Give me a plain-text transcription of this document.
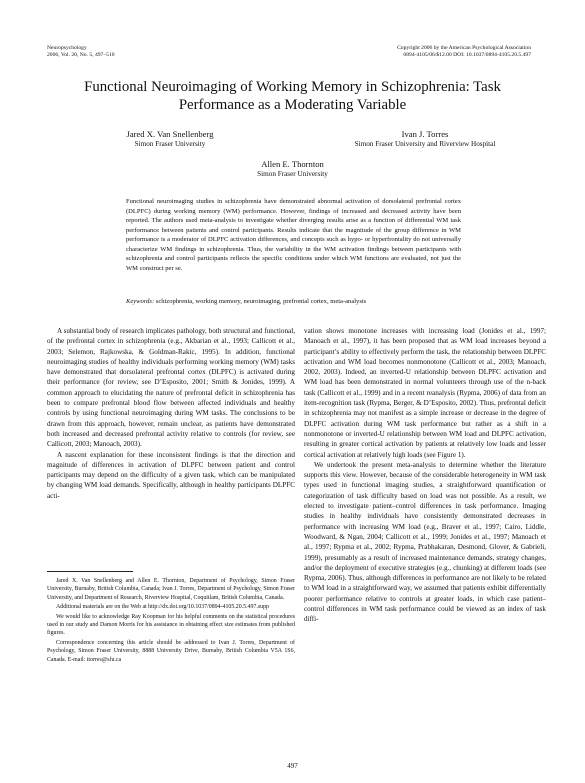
Neuropsychology
2006, Vol. 20, No. 5, 497–510
Copyright 2006 by the American Psychological Association
0894-4105/06/$12.00 DOI: 10.1037/0894-4105.20.5.497
Functional Neuroimaging of Working Memory in Schizophrenia: Task Performance as a Moderating Variable
Jared X. Van Snellenberg
Simon Fraser University
Ivan J. Torres
Simon Fraser University and Riverview Hospital
Allen E. Thornton
Simon Fraser University
Functional neuroimaging studies in schizophrenia have demonstrated abnormal activation of dorsolateral prefrontal cortex (DLPFC) during working memory (WM) performance. However, findings of increased and decreased activity have been reported. The authors used meta-analysis to investigate whether diverging results arise as a function of differential WM task performance between patients and control participants. Results indicate that the magnitude of the group difference in WM performance is a moderator of DLPFC activation differences, and concepts such as hypo- or hyperfrontality do not universally characterize WM findings in schizophrenia. Thus, the variability in the WM activation findings between participants with schizophrenia and control participants reflects the specific conditions under which WM functions are evaluated, not just the WM construct per se.
Keywords: schizophrenia, working memory, neuroimaging, prefrontal cortex, meta-analysis

A substantial body of research implicates pathology, both structural and functional, of the prefrontal cortex in schizophrenia (e.g., Akbarian et al., 1993; Callicott et al., 2003; Selemon, Rajkowska, & Goldman-Rakic, 1995). In addition, functional neuroimaging studies of healthy individuals performing working memory (WM) tasks have demonstrated that dorsolateral prefrontal cortex (DLPFC) is activated during their performance (for review, see D’Esposito, 2001; Smith & Jonides, 1999). A common approach to elucidating the nature of prefrontal deficit in schizophrenia has been to compare prefrontal blood flow between affected individuals and healthy controls by using functional neuroimaging during WM tasks. The conclusions to be drawn from this approach, however, remain unclear, as patients have demonstrated both increased and decreased prefrontal activity relative to controls (for review, see Callicott, 2003; Manoach, 2003).

A nascent explanation for these inconsistent findings is that the direction and magnitude of differences in activation of DLPFC between patient and control participants may depend on the difficulty of a given task, which can be manipulated by changing WM load demands. Specifically, although in healthy participants DLPFC acti-

Jared X. Van Snellenberg and Allen E. Thornton, Department of Psychology, Simon Fraser University, Burnaby, British Columbia, Canada; Ivan J. Torres, Department of Psychology, Simon Fraser University, and Department of Research, Riverview Hospital, Coquitlam, British Columbia, Canada.

Additional materials are on the Web at http://dx.doi.org/10.1037/0894-4105.20.5.497.supp

We would like to acknowledge Ray Koopman for his helpful comments on the statistical procedures used in our study and Damon Morris for his assistance in obtaining effect size estimates from published figures.

Correspondence concerning this article should be addressed to Ivan J. Torres, Department of Psychology, Simon Fraser University, 8888 University Drive, Burnaby, British Columbia V5A 1S6, Canada. E-mail: itorres@sfu.ca

vation shows monotone increases with increasing load (Jonides et al., 1997; Manoach et al., 1997), it has been proposed that as WM load increases beyond a participant’s ability to effectively perform the task, the relationship between DLPFC activation and WM load becomes nonmonotone (Callicott et al., 2003; Manoach, 2002, 2003). Indeed, an inverted-U relationship between DLPFC activation and WM load has been demonstrated in normal volunteers through use of the n-back task (Callicott et al., 1999) and in a recent reanalysis (Rypma, 2006) of data from an item-recognition task (Rypma, Berger, & D’Esposito, 2002). Thus, prefrontal deficit in schizophrenia may not manifest as a simple increase or decrease in the degree of DLPFC activation during WM task performance but rather as a shift in a nonmonotone or inverted-U relationship between WM load and DLPFC activation, resulting in greater cortical activation by patients at relatively low loads and lesser cortical activation at relatively high loads (see Figure 1).

We undertook the present meta-analysis to determine whether the literature supports this view. However, because of the considerable heterogeneity in WM task types used in functional imaging studies, a straightforward quantification or categorization of task difficulty based on load was not possible. As a result, we elected to investigate patient–control differences in task performance. Imaging studies in healthy individuals have consistently demonstrated decreases in performance with increasing WM load (e.g., Braver et al., 1997; Cairo, Liddle, Woodward, & Ngan, 2004; Callicott et al., 1999; Jonides et al., 1997; Manoach et al., 1997; Rypma et al., 2002; Rypma, Prabhakaran, Desmond, Glover, & Gabrieli, 1999), presumably as a result of increased maintenance demands, strategy changes, and/or the deployment of executive strategies (e.g., chunking) at different loads (see Rypma, 2006). Thus, although differences in performance are not likely to be related to WM load in a straightforward way, we assumed that patients exhibit differentially poorer performance relative to controls at greater loads, in which case patient–control differences in WM task performance could be viewed as an index of task diffi-

497
